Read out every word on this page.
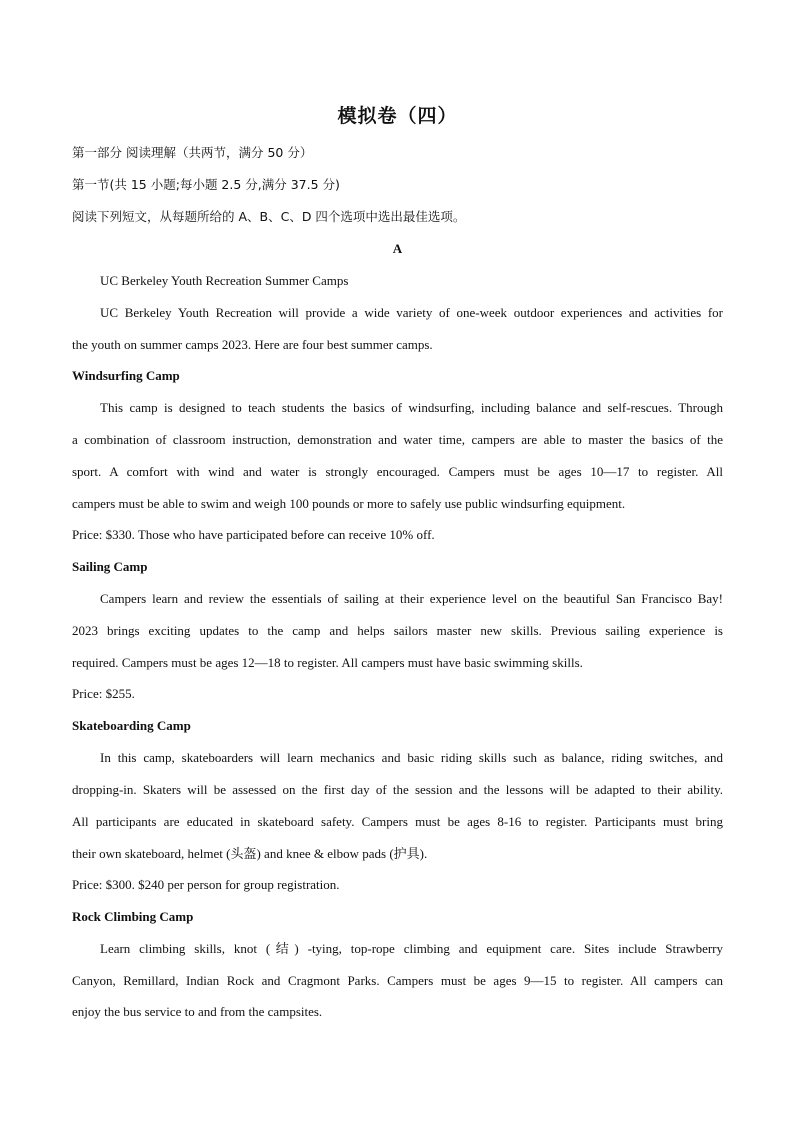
模拟卷（四）
第一部分 阅读理解（共两节，满分 50 分）
第一节(共 15 小题;每小题 2.5 分,满分 37.5 分)
阅读下列短文，从每题所给的 A、B、C、D 四个选项中选出最佳选项。
A
UC Berkeley Youth Recreation Summer Camps
UC Berkeley Youth Recreation will provide a wide variety of one-week outdoor experiences and activities for
the youth on summer camps 2023. Here are four best summer camps.
Windsurfing Camp
This camp is designed to teach students the basics of windsurfing, including balance and self-rescues. Through
a combination of classroom instruction, demonstration and water time, campers are able to master the basics of the
sport. A comfort with wind and water is strongly encouraged. Campers must be ages 10—17 to register. All
campers must be able to swim and weigh 100 pounds or more to safely use public windsurfing equipment.
Price: $330. Those who have participated before can receive 10% off.
Sailing Camp
Campers learn and review the essentials of sailing at their experience level on the beautiful San Francisco Bay!
2023 brings exciting updates to the camp and helps sailors master new skills. Previous sailing experience is
required. Campers must be ages 12—18 to register. All campers must have basic swimming skills.
Price: $255.
Skateboarding Camp
In this camp, skateboarders will learn mechanics and basic riding skills such as balance, riding switches, and
dropping-in. Skaters will be assessed on the first day of the session and the lessons will be adapted to their ability.
All participants are educated in skateboard safety. Campers must be ages 8-16 to register. Participants must bring
their own skateboard, helmet (头盔) and knee & elbow pads (护具).
Price: $300. $240 per person for group registration.
Rock Climbing Camp
Learn climbing skills, knot (结) -tying, top-rope climbing and equipment care. Sites include Strawberry
Canyon, Remillard, Indian Rock and Cragmont Parks. Campers must be ages 9—15 to register. All campers can
enjoy the bus service to and from the campsites.
